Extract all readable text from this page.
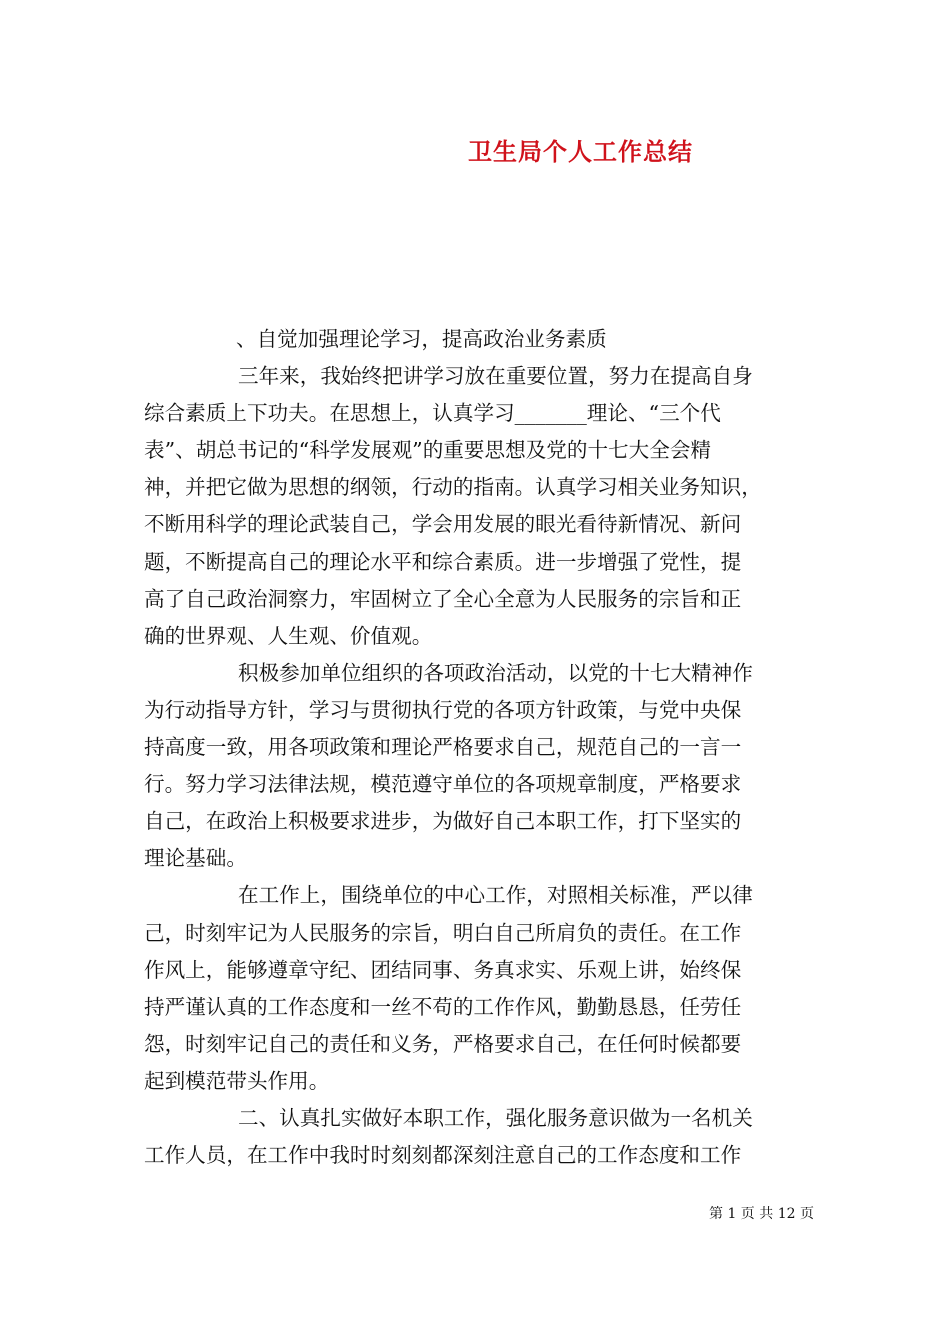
卫生局个人工作总结
、自觉加强理论学习，提高政治业务素质
三年来，我始终把讲学习放在重要位置，努力在提高自身
综合素质上下功夫。在思想上，认真学习_______理论、“三个代
表”、胡总书记的“科学发展观”的重要思想及党的十七大全会精
神，并把它做为思想的纲领，行动的指南。认真学习相关业务知识，
不断用科学的理论武装自己，学会用发展的眼光看待新情况、新问
题，不断提高自己的理论水平和综合素质。进一步增强了党性，提
高了自己政治洞察力，牢固树立了全心全意为人民服务的宗旨和正
确的世界观、人生观、价值观。
积极参加单位组织的各项政治活动，以党的十七大精神作
为行动指导方针，学习与贯彻执行党的各项方针政策，与党中央保
持高度一致，用各项政策和理论严格要求自己，规范自己的一言一
行。努力学习法律法规，模范遵守单位的各项规章制度，严格要求
自己，在政治上积极要求进步，为做好自己本职工作，打下坚实的
理论基础。
在工作上，围绕单位的中心工作，对照相关标准，严以律
己，时刻牢记为人民服务的宗旨，明白自己所肩负的责任。在工作
作风上，能够遵章守纪、团结同事、务真求实、乐观上讲，始终保
持严谨认真的工作态度和一丝不苟的工作作风，勤勤恳恳，任劳任
怨，时刻牢记自己的责任和义务，严格要求自己，在任何时候都要
起到模范带头作用。
二、认真扎实做好本职工作，强化服务意识做为一名机关
工作人员，在工作中我时时刻刻都深刻注意自己的工作态度和工作
第 1 页 共 12 页
